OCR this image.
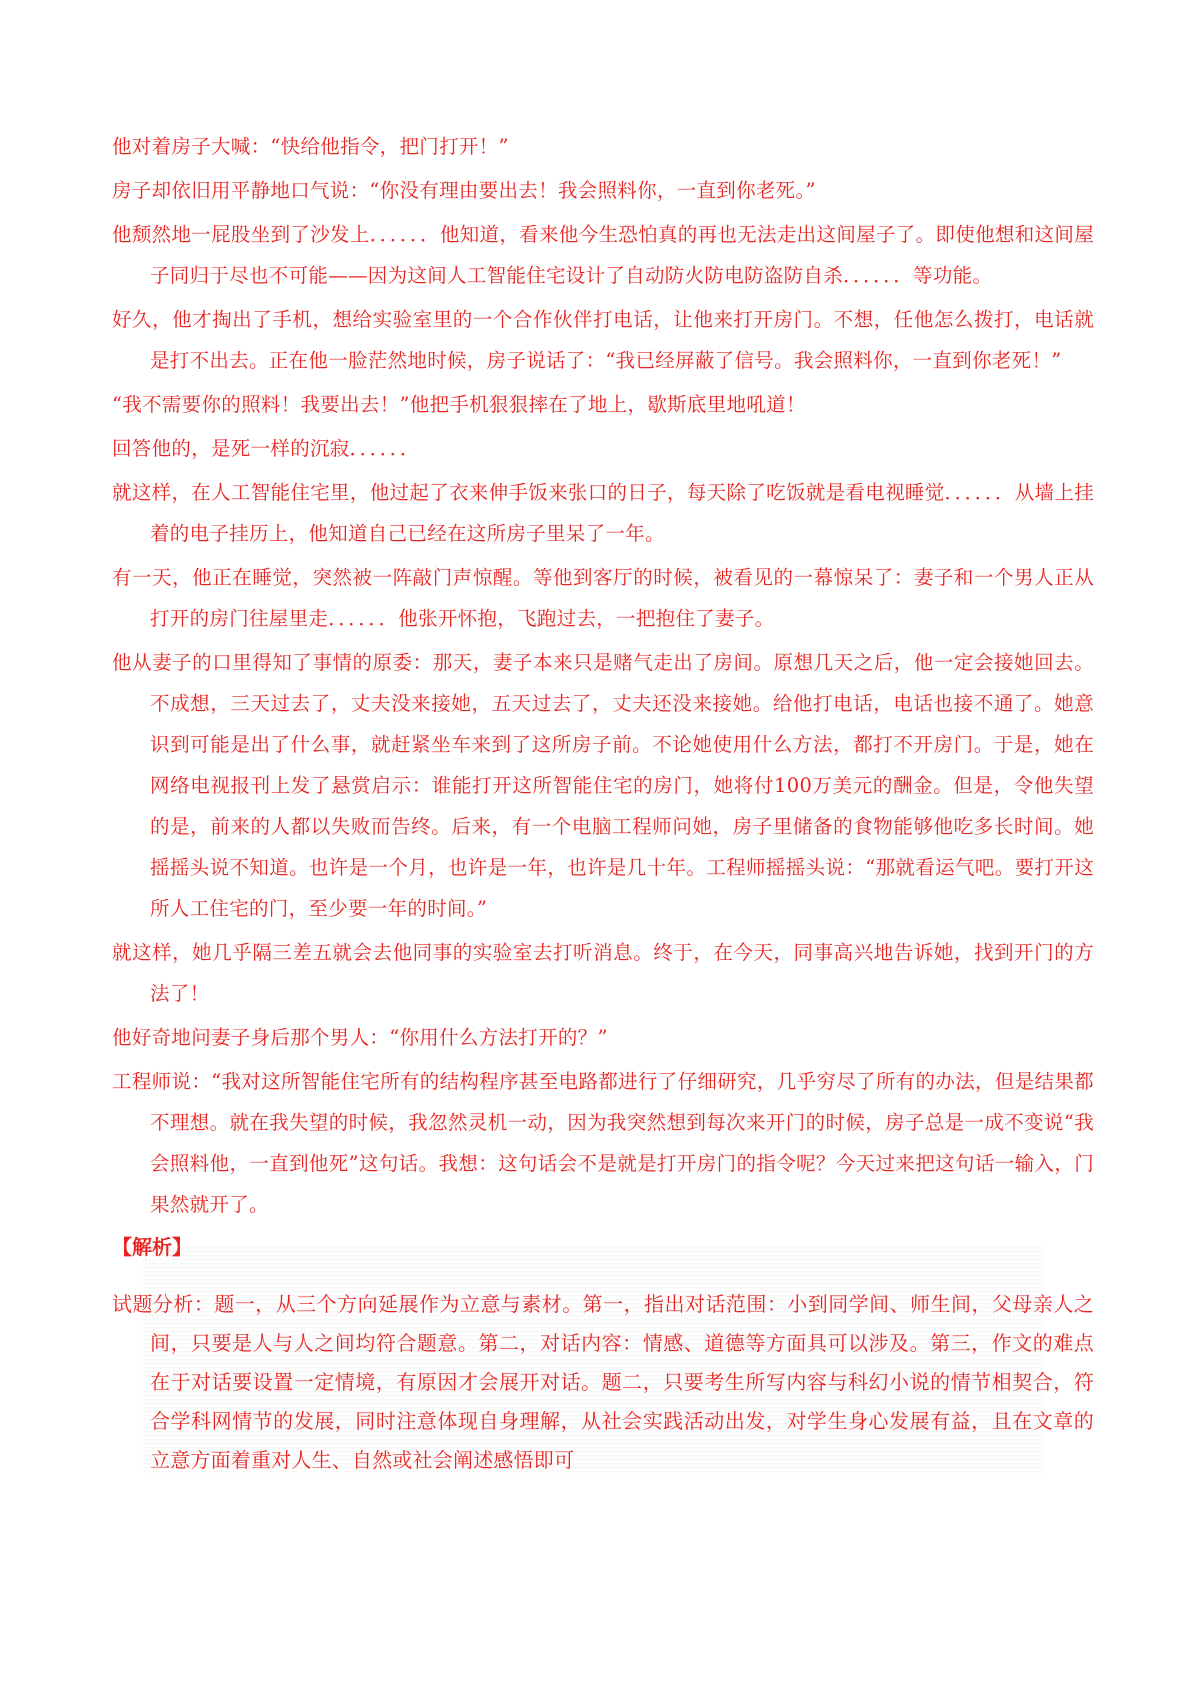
他对着房子大喊：“快给他指令，把门打开！”

房子却依旧用平静地口气说：“你没有理由要出去！我会照料你，一直到你老死。”

他颓然地一屁股坐到了沙发上．．．．．．他知道，看来他今生恐怕真的再也无法走出这间屋子了。即使他想和这间屋子同归于尽也不可能——因为这间人工智能住宅设计了自动防火防电防盗防自杀．．．．．．等功能。

好久，他才掏出了手机，想给实验室里的一个合作伙伴打电话，让他来打开房门。不想，任他怎么拨打，电话就是打不出去。正在他一脸茫然地时候，房子说话了：“我已经屏蔽了信号。我会照料你，一直到你老死！”

“我不需要你的照料！我要出去！”他把手机狠狠摔在了地上，歇斯底里地吼道！

回答他的，是死一样的沉寂．．．．．．

就这样，在人工智能住宅里，他过起了衣来伸手饭来张口的日子，每天除了吃饭就是看电视睡觉．．．．．．从墙上挂着的电子挂历上，他知道自己已经在这所房子里呆了一年。

有一天，他正在睡觉，突然被一阵敲门声惊醒。等他到客厅的时候，被看见的一幕惊呆了：妻子和一个男人正从打开的房门往屋里走．．．．．．他张开怀抱，飞跑过去，一把抱住了妻子。

他从妻子的口里得知了事情的原委：那天，妻子本来只是赌气走出了房间。原想几天之后，他一定会接她回去。不成想，三天过去了，丈夫没来接她，五天过去了，丈夫还没来接她。给他打电话，电话也接不通了。她意识到可能是出了什么事，就赶紧坐车来到了这所房子前。不论她使用什么方法，都打不开房门。于是，她在网络电视报刊上发了悬赏启示：谁能打开这所智能住宅的房门，她将付100万美元的酬金。但是，令他失望的是，前来的人都以失败而告终。后来，有一个电脑工程师问她，房子里储备的食物能够他吃多长时间。她摇摇头说不知道。也许是一个月，也许是一年，也许是几十年。工程师摇摇头说：“那就看运气吧。要打开这所人工住宅的门，至少要一年的时间。”

就这样，她几乎隔三差五就会去他同事的实验室去打听消息。终于，在今天，同事高兴地告诉她，找到开门的方法了！

他好奇地问妻子身后那个男人：“你用什么方法打开的？”

工程师说：“我对这所智能住宅所有的结构程序甚至电路都进行了仔细研究，几乎穷尽了所有的办法，但是结果都不理想。就在我失望的时候，我忽然灵机一动，因为我突然想到每次来开门的时候，房子总是一成不变说“我会照料他，一直到他死”这句话。我想：这句话会不是就是打开房门的指令呢？今天过来把这句话一输入，门果然就开了。

【解析】

试题分析：题一，从三个方向延展作为立意与素材。第一，指出对话范围：小到同学间、师生间，父母亲人之间，只要是人与人之间均符合题意。第二，对话内容：情感、道德等方面具可以涉及。第三，作文的难点在于对话要设置一定情境，有原因才会展开对话。题二，只要考生所写内容与科幻小说的情节相契合，符合学科网情节的发展，同时注意体现自身理解，从社会实践活动出发，对学生身心发展有益，且在文章的立意方面着重对人生、自然或社会阐述感悟即可
